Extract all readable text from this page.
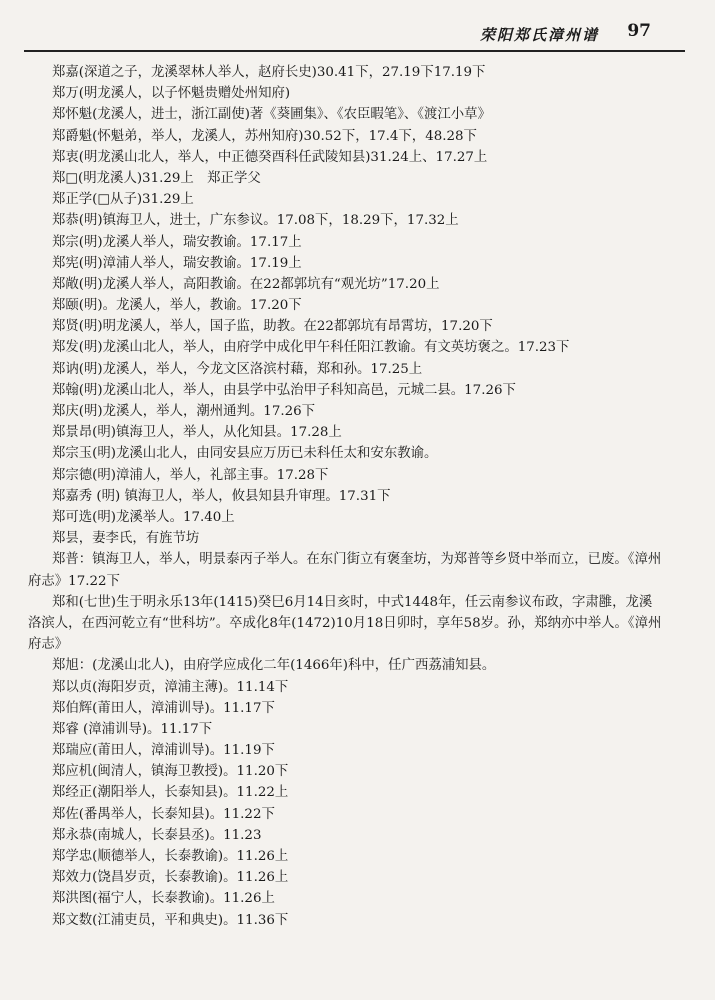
荣阳郑氏漳州谱 97
郑嘉(深道之子，龙溪翠林人举人，赵府长史)30.41下，27.19下17.19下
郑万(明龙溪人，以子怀魁贵赠处州知府)
郑怀魁(龙溪人，进士，浙江副使)著《葵圃集》、《农臣暇笔》、《渡江小草》
郑爵魁(怀魁弟，举人，龙溪人，苏州知府)30.52下，17.4下，48.28下
郑衷(明龙溪山北人，举人，中正德癸酉科任武陵知县)31.24上、17.27上
郑□(明龙溪人)31.29上　郑正学父
郑正学(□从子)31.29上
郑恭(明)镇海卫人，进士，广东参议。17.08下，18.29下，17.32上
郑宗(明)龙溪人举人，瑞安教谕。17.17上
郑宪(明)漳浦人举人，瑞安教谕。17.19上
郑敞(明)龙溪人举人，高阳教谕。在22都郭坑有“观光坊”17.20上
郑颐(明)。龙溪人，举人，教谕。17.20下
郑贤(明)明龙溪人，举人，国子监，助教。在22都郭坑有昂霄坊，17.20下
郑发(明)龙溪山北人，举人，由府学中成化甲午科任阳江教谕。有文英坊褒之。17.23下
郑讷(明)龙溪人，举人，今龙文区洛滨村藉，郑和孙。17.25上
郑翰(明)龙溪山北人，举人，由县学中弘治甲子科知高邑，元城二县。17.26下
郑庆(明)龙溪人，举人，潮州通判。17.26下
郑景昂(明)镇海卫人，举人，从化知县。17.28上
郑宗玉(明)龙溪山北人，由同安县应万历已未科任太和安东教谕。
郑宗德(明)漳浦人，举人，礼部主事。17.28下
郑嘉秀 (明) 镇海卫人，举人，攸县知县升审理。17.31下
郑可选(明)龙溪举人。17.40上
郑昙，妻李氏，有旌节坊
郑普：镇海卫人，举人，明景泰丙子举人。在东门街立有褒奎坊，为郑普等乡贤中举而立，已废。《漳州府志》17.22下
郑和(七世)生于明永乐13年(1415)癸巳6月14日亥时，中式1448年，任云南参议布政，字肃雝，龙溪洛滨人，在西河乾立有“世科坊”。卒成化8年(1472)10月18日卯时，享年58岁。孙，郑纳亦中举人。《漳州府志》
郑旭：(龙溪山北人)，由府学应成化二年(1466年)科中，任广西荔浦知县。
郑以贞(海阳岁贡，漳浦主薄)。11.14下
郑伯辉(莆田人，漳浦训导)。11.17下
郑睿 (漳浦训导)。11.17下
郑瑞应(莆田人，漳浦训导)。11.19下
郑应机(闽清人，镇海卫教授)。11.20下
郑经正(潮阳举人，长泰知县)。11.22上
郑佐(番禺举人，长泰知县)。11.22下
郑永恭(南城人，长泰县丞)。11.23
郑学忠(顺德举人，长泰教谕)。11.26上
郑效力(饶昌岁贡，长泰教谕)。11.26上
郑洪图(福宁人，长泰教谕)。11.26上
郑文数(江浦吏员，平和典史)。11.36下
